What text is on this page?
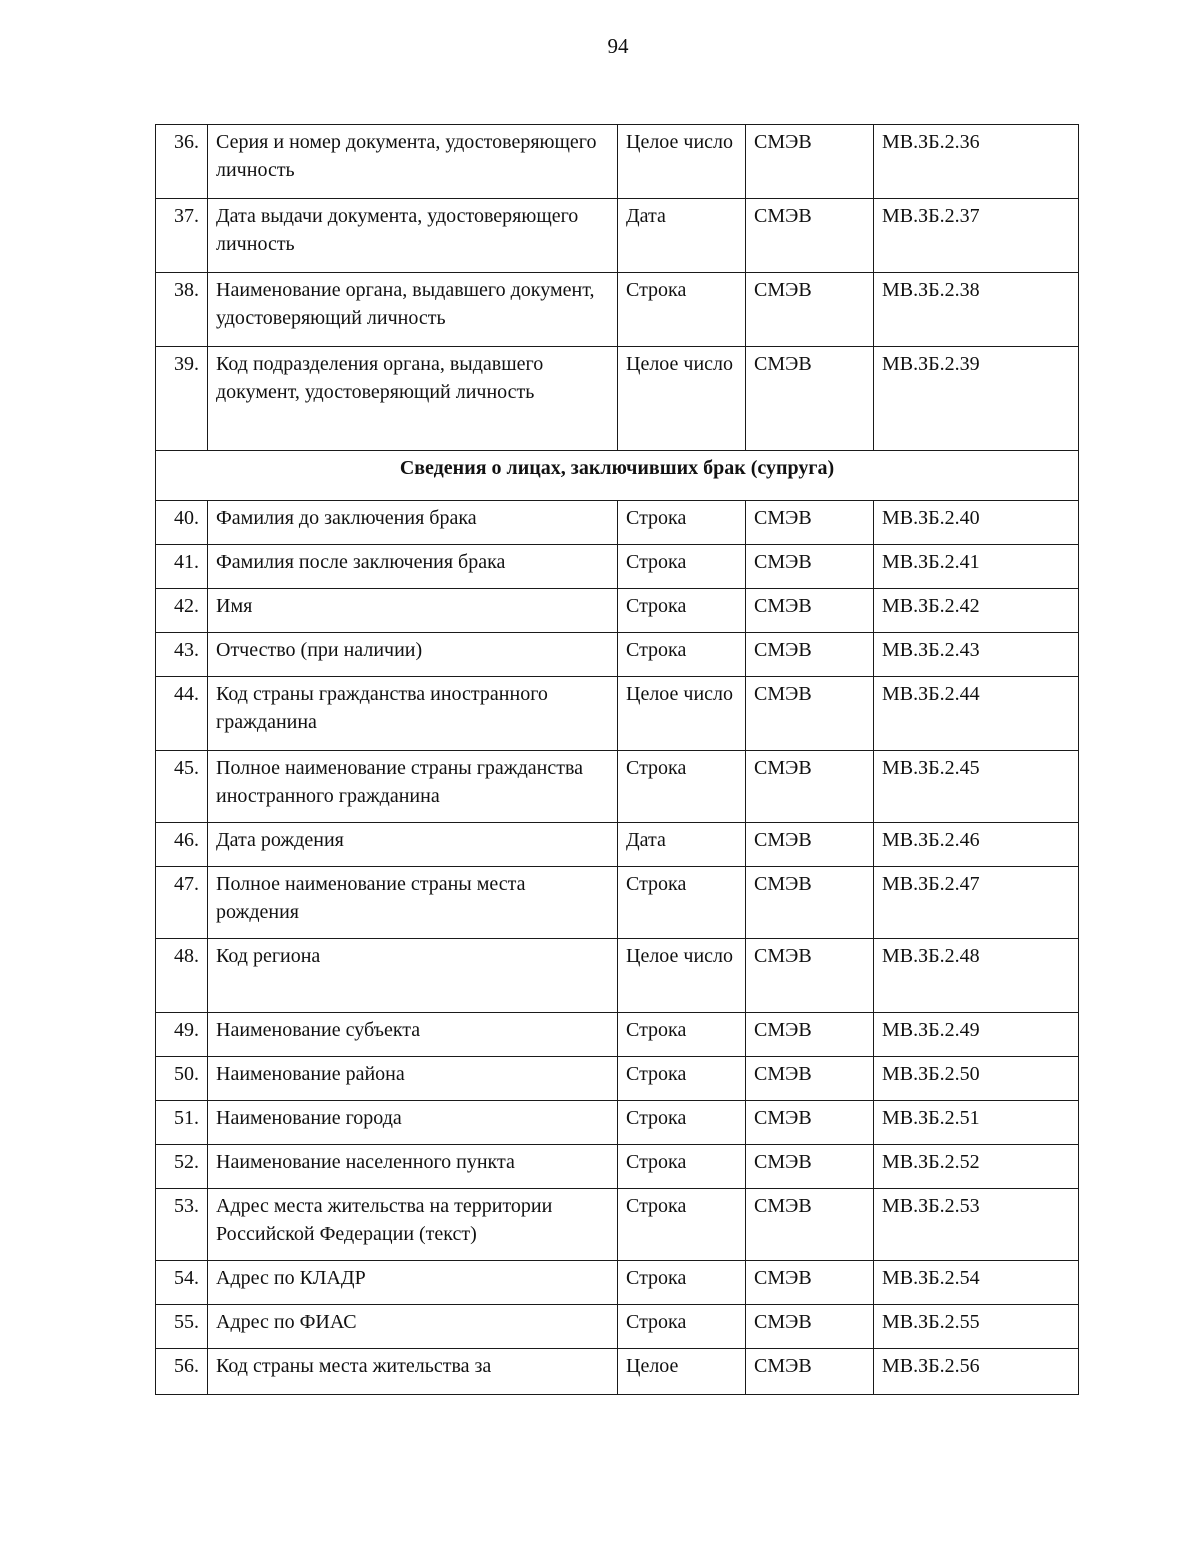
94
36.	Серия и номер документа, удостоверяющего личность	Целое число	СМЭВ	МВ.ЗБ.2.36
37.	Дата выдачи документа, удостоверяющего личность	Дата	СМЭВ	МВ.ЗБ.2.37
38.	Наименование органа, выдавшего документ, удостоверяющий личность	Строка	СМЭВ	МВ.ЗБ.2.38
39.	Код подразделения органа, выдавшего документ, удостоверяющий личность	Целое число	СМЭВ	МВ.ЗБ.2.39
Сведения о лицах, заключивших брак (супруга)				
40.	Фамилия до заключения брака	Строка	СМЭВ	МВ.ЗБ.2.40
41.	Фамилия после заключения брака	Строка	СМЭВ	МВ.ЗБ.2.41
42.	Имя	Строка	СМЭВ	МВ.ЗБ.2.42
43.	Отчество (при наличии)	Строка	СМЭВ	МВ.ЗБ.2.43
44.	Код страны гражданства иностранного гражданина	Целое число	СМЭВ	МВ.ЗБ.2.44
45.	Полное наименование страны гражданства иностранного гражданина	Строка	СМЭВ	МВ.ЗБ.2.45
46.	Дата рождения	Дата	СМЭВ	МВ.ЗБ.2.46
47.	Полное наименование страны места рождения	Строка	СМЭВ	МВ.ЗБ.2.47
48.	Код региона	Целое число	СМЭВ	МВ.ЗБ.2.48
49.	Наименование субъекта	Строка	СМЭВ	МВ.ЗБ.2.49
50.	Наименование района	Строка	СМЭВ	МВ.ЗБ.2.50
51.	Наименование города	Строка	СМЭВ	МВ.ЗБ.2.51
52.	Наименование населенного пункта	Строка	СМЭВ	МВ.ЗБ.2.52
53.	Адрес места жительства на территории Российской Федерации (текст)	Строка	СМЭВ	МВ.ЗБ.2.53
54.	Адрес по КЛАДР	Строка	СМЭВ	МВ.ЗБ.2.54
55.	Адрес по ФИАС	Строка	СМЭВ	МВ.ЗБ.2.55
56.	Код страны места жительства за	Целое	СМЭВ	МВ.ЗБ.2.56
